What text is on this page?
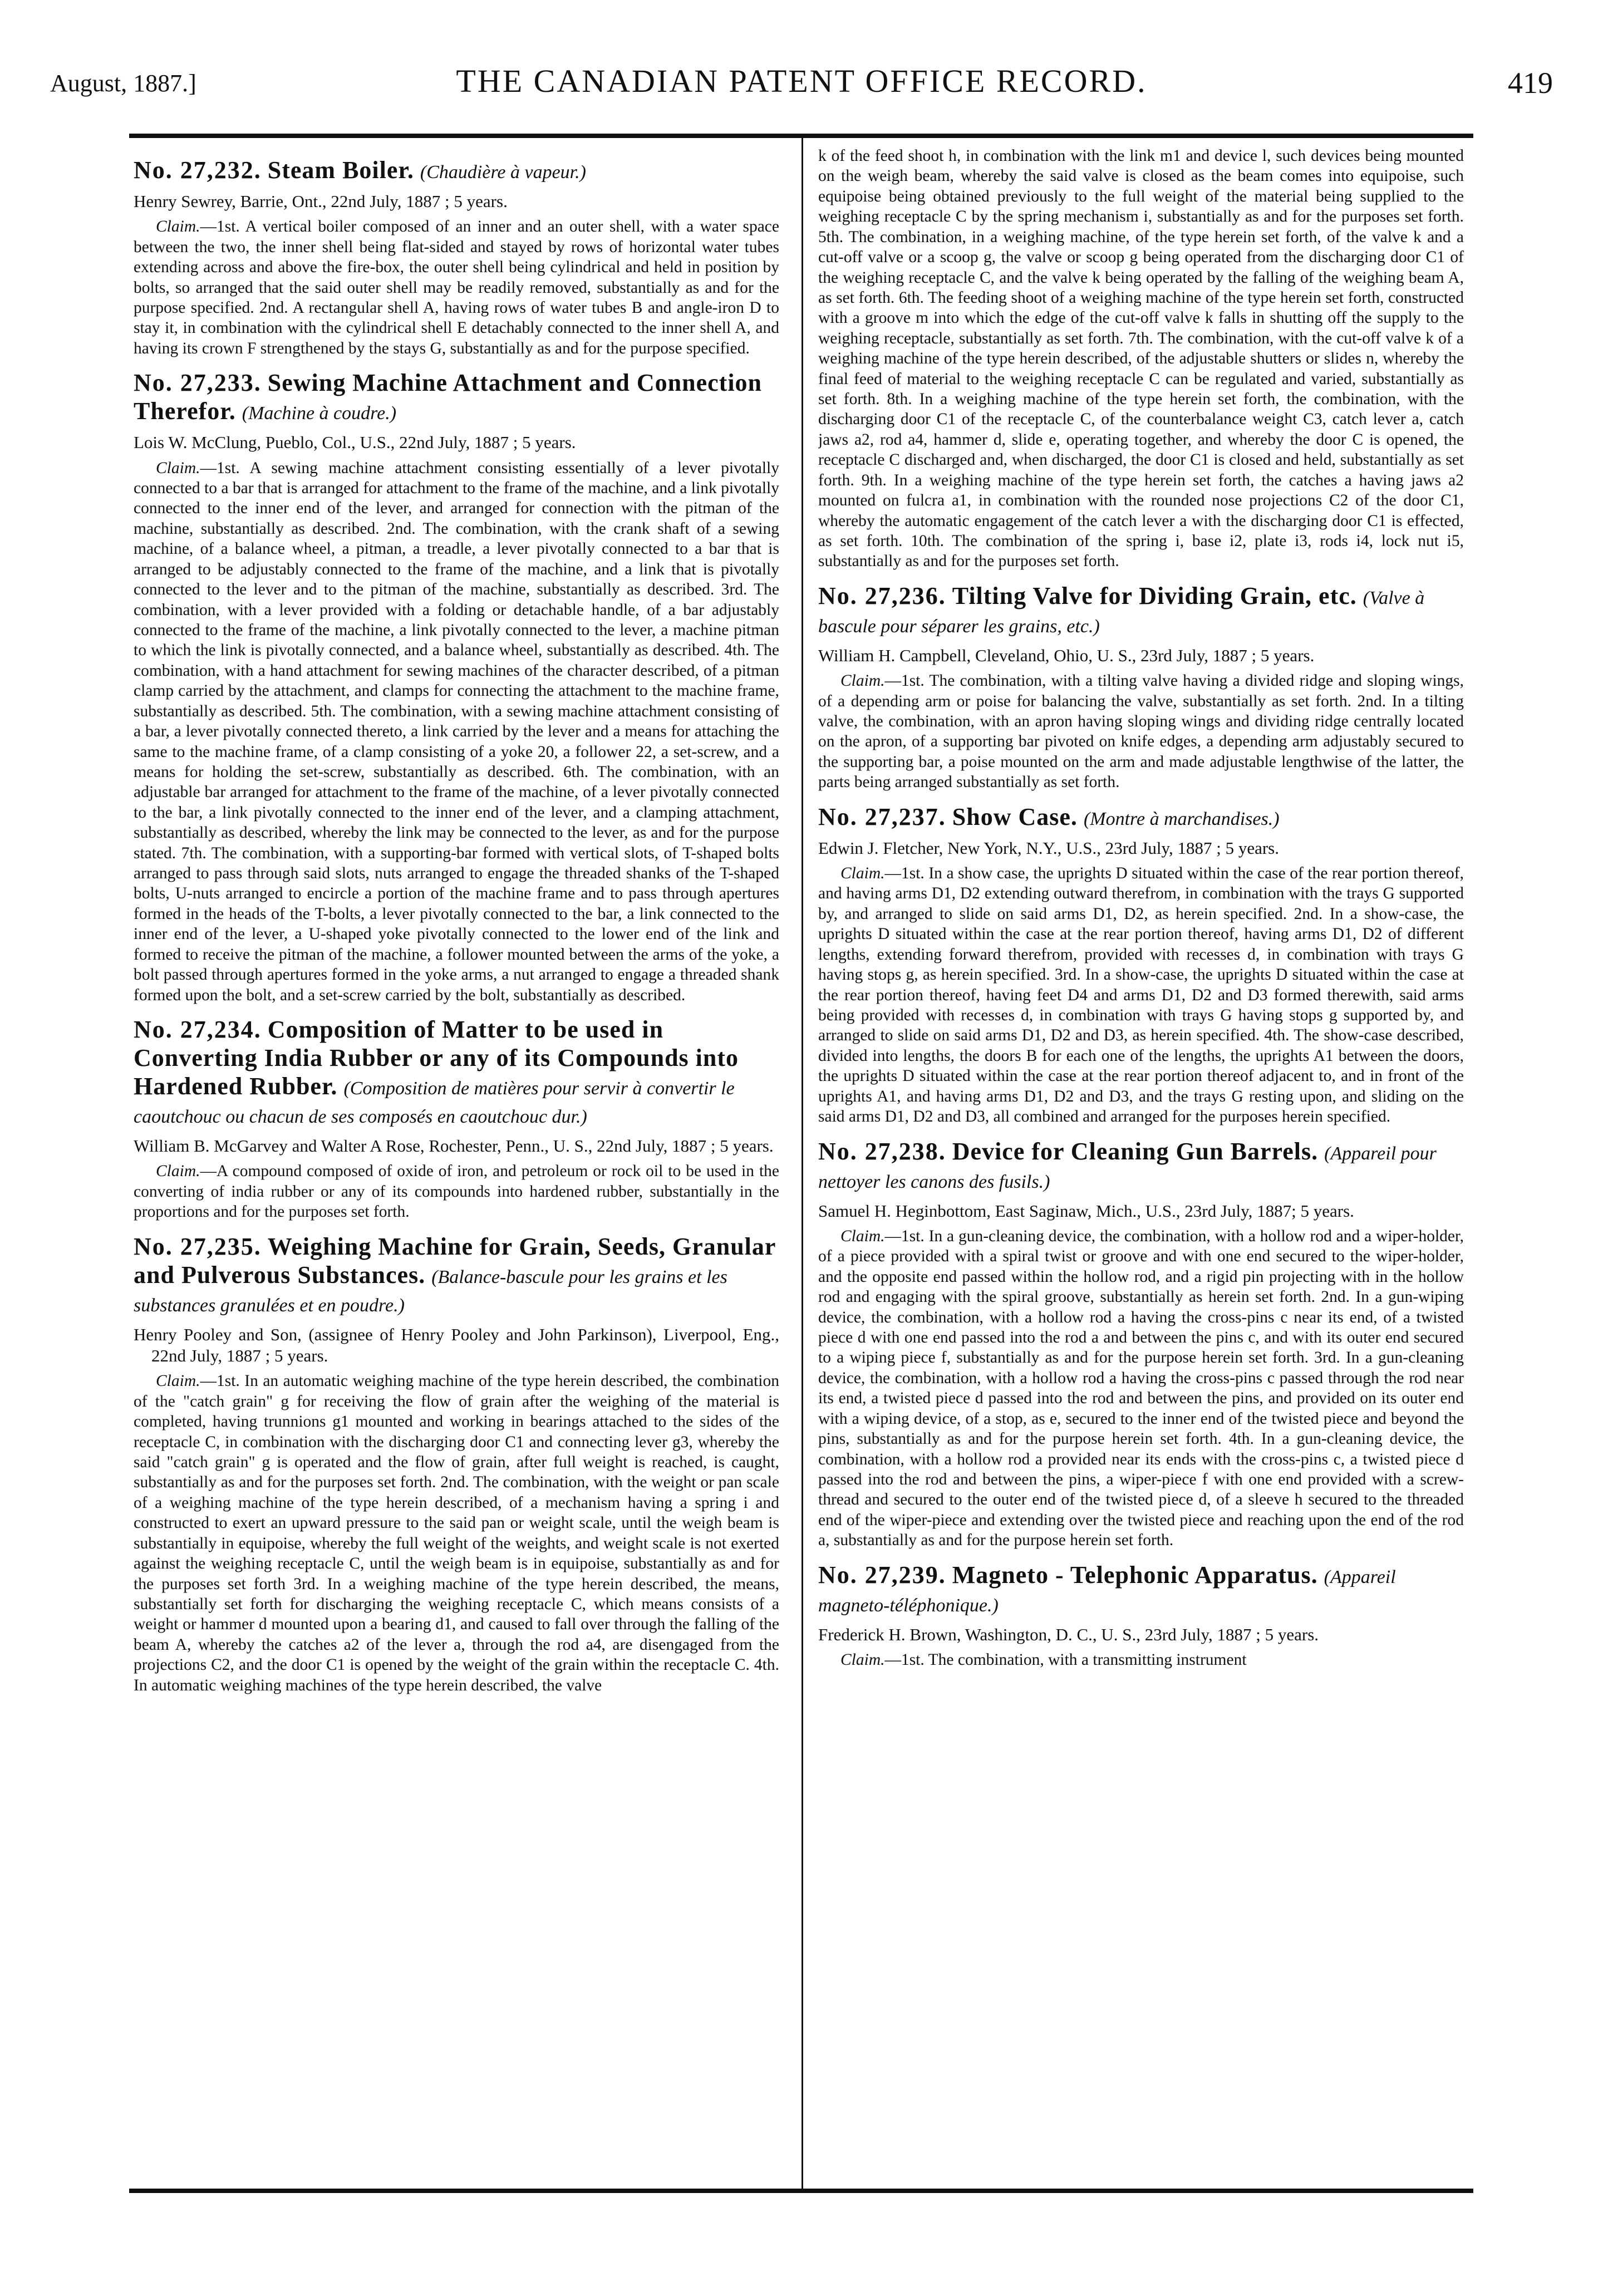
August, 1887.]	THE CANADIAN PATENT OFFICE RECORD.	419
No. 27,232. Steam Boiler. (Chaudière à vapeur.)
Henry Sewrey, Barrie, Ont., 22nd July, 1887 ; 5 years.

Claim.—1st. A vertical boiler composed of an inner and an outer shell, with a water space between the two, the inner shell being flat-sided and stayed by rows of horizontal water tubes extending across and above the fire-box, the outer shell being cylindrical and held in position by bolts, so arranged that the said outer shell may be readily removed, substantially as and for the purpose specified. 2nd. A rectangular shell A, having rows of water tubes B and angle-iron D to stay it, in combination with the cylindrical shell E detachably connected to the inner shell A, and having its crown F strengthened by the stays G, substantially as and for the purpose specified.

No. 27,233. Sewing Machine Attachment and Connection Therefor. (Machine à coudre.)
Lois W. McClung, Pueblo, Col., U.S., 22nd July, 1887 ; 5 years.

Claim.—1st. A sewing machine attachment consisting essentially of a lever pivotally connected to a bar that is arranged for attachment to the frame of the machine, and a link pivotally connected to the inner end of the lever, and arranged for connection with the pitman of the machine, substantially as described. 2nd. The combination, with the crank shaft of a sewing machine, of a balance wheel, a pitman, a treadle, a lever pivotally connected to a bar that is arranged to be adjustably connected to the frame of the machine, and a link that is pivotally connected to the lever and to the pitman of the machine, substantially as described. 3rd. The combination, with a lever provided with a folding or detachable handle, of a bar adjustably connected to the frame of the machine, a link pivotally connected to the lever, a machine pitman to which the link is pivotally connected, and a balance wheel, substantially as described. 4th. The combination, with a hand attachment for sewing machines of the character described, of a pitman clamp carried by the attachment, and clamps for connecting the attachment to the machine frame, substantially as described. 5th. The combination, with a sewing machine attachment consisting of a bar, a lever pivotally connected thereto, a link carried by the lever and a means for attaching the same to the machine frame, of a clamp consisting of a yoke 20, a follower 22, a set-screw, and a means for holding the set-screw, substantially as described. 6th. The combination, with an adjustable bar arranged for attachment to the frame of the machine, of a lever pivotally connected to the bar, a link pivotally connected to the inner end of the lever, and a clamping attachment, substantially as described, whereby the link may be connected to the lever, as and for the purpose stated. 7th. The combination, with a supporting-bar formed with vertical slots, of T-shaped bolts arranged to pass through said slots, nuts arranged to engage the threaded shanks of the T-shaped bolts, U-nuts arranged to encircle a portion of the machine frame and to pass through apertures formed in the heads of the T-bolts, a lever pivotally connected to the bar, a link connected to the inner end of the lever, a U-shaped yoke pivotally connected to the lower end of the link and formed to receive the pitman of the machine, a follower mounted between the arms of the yoke, a bolt passed through apertures formed in the yoke arms, a nut arranged to engage a threaded shank formed upon the bolt, and a set-screw carried by the bolt, substantially as described.

No. 27,234. Composition of Matter to be used in Converting India Rubber or any of its Compounds into Hardened Rubber. (Composition de matières pour servir à convertir le caoutchouc ou chacun de ses composés en caoutchouc dur.)
William B. McGarvey and Walter A Rose, Rochester, Penn., U. S., 22nd July, 1887 ; 5 years.

Claim.—A compound composed of oxide of iron, and petroleum or rock oil to be used in the converting of india rubber or any of its compounds into hardened rubber, substantially in the proportions and for the purposes set forth.

No. 27,235. Weighing Machine for Grain, Seeds, Granular and Pulverous Substances. (Balance-bascule pour les grains et les substances granulées et en poudre.)
Henry Pooley and Son, (assignee of Henry Pooley and John Parkinson), Liverpool, Eng., 22nd July, 1887 ; 5 years.

Claim.—1st. In an automatic weighing machine of the type herein described, the combination of the "catch grain" g for receiving the flow of grain after the weighing of the material is completed, having trunnions g1 mounted and working in bearings attached to the sides of the receptacle C, in combination with the discharging door C1 and connecting lever g3, whereby the said "catch grain" g is operated and the flow of grain, after full weight is reached, is caught, substantially as and for the purposes set forth. 2nd. The combination, with the weight or pan scale of a weighing machine of the type herein described, of a mechanism having a spring i and constructed to exert an upward pressure to the said pan or weight scale, until the weigh beam is substantially in equipoise, whereby the full weight of the weights, and weight scale is not exerted against the weighing receptacle C, until the weigh beam is in equipoise, substantially as and for the purposes set forth 3rd. In a weighing machine of the type herein described, the means, substantially set forth for discharging the weighing receptacle C, which means consists of a weight or hammer d mounted upon a bearing d1, and caused to fall over through the falling of the beam A, whereby the catches a2 of the lever a, through the rod a4, are disengaged from the projections C2, and the door C1 is opened by the weight of the grain within the receptacle C. 4th. In automatic weighing machines of the type herein described, the valve

k of the feed shoot h, in combination with the link m1 and device l, such devices being mounted on the weigh beam, whereby the said valve is closed as the beam comes into equipoise, such equipoise being obtained previously to the full weight of the material being supplied to the weighing receptacle C by the spring mechanism i, substantially as and for the purposes set forth. 5th. The combination, in a weighing machine, of the type herein set forth, of the valve k and a cut-off valve or a scoop g, the valve or scoop g being operated from the discharging door C1 of the weighing receptacle C, and the valve k being operated by the falling of the weighing beam A, as set forth. 6th. The feeding shoot of a weighing machine of the type herein set forth, constructed with a groove m into which the edge of the cut-off valve k falls in shutting off the supply to the weighing receptacle, substantially as set forth. 7th. The combination, with the cut-off valve k of a weighing machine of the type herein described, of the adjustable shutters or slides n, whereby the final feed of material to the weighing receptacle C can be regulated and varied, substantially as set forth. 8th. In a weighing machine of the type herein set forth, the combination, with the discharging door C1 of the receptacle C, of the counterbalance weight C3, catch lever a, catch jaws a2, rod a4, hammer d, slide e, operating together, and whereby the door C is opened, the receptacle C discharged and, when discharged, the door C1 is closed and held, substantially as set forth. 9th. In a weighing machine of the type herein set forth, the catches a having jaws a2 mounted on fulcra a1, in combination with the rounded nose projections C2 of the door C1, whereby the automatic engagement of the catch lever a with the discharging door C1 is effected, as set forth. 10th. The combination of the spring i, base i2, plate i3, rods i4, lock nut i5, substantially as and for the purposes set forth.

No. 27,236. Tilting Valve for Dividing Grain, etc. (Valve à bascule pour séparer les grains, etc.)
William H. Campbell, Cleveland, Ohio, U. S., 23rd July, 1887 ; 5 years.

Claim.—1st. The combination, with a tilting valve having a divided ridge and sloping wings, of a depending arm or poise for balancing the valve, substantially as set forth. 2nd. In a tilting valve, the combination, with an apron having sloping wings and dividing ridge centrally located on the apron, of a supporting bar pivoted on knife edges, a depending arm adjustably secured to the supporting bar, a poise mounted on the arm and made adjustable lengthwise of the latter, the parts being arranged substantially as set forth.

No. 27,237. Show Case. (Montre à marchandises.)
Edwin J. Fletcher, New York, N.Y., U.S., 23rd July, 1887 ; 5 years.

Claim.—1st. In a show case, the uprights D situated within the case of the rear portion thereof, and having arms D1, D2 extending outward therefrom, in combination with the trays G supported by, and arranged to slide on said arms D1, D2, as herein specified. 2nd. In a show-case, the uprights D situated within the case at the rear portion thereof, having arms D1, D2 of different lengths, extending forward therefrom, provided with recesses d, in combination with trays G having stops g, as herein specified. 3rd. In a show-case, the uprights D situated within the case at the rear portion thereof, having feet D4 and arms D1, D2 and D3 formed therewith, said arms being provided with recesses d, in combination with trays G having stops g supported by, and arranged to slide on said arms D1, D2 and D3, as herein specified. 4th. The show-case described, divided into lengths, the doors B for each one of the lengths, the uprights A1 between the doors, the uprights D situated within the case at the rear portion thereof adjacent to, and in front of the uprights A1, and having arms D1, D2 and D3, and the trays G resting upon, and sliding on the said arms D1, D2 and D3, all combined and arranged for the purposes herein specified.

No. 27,238. Device for Cleaning Gun Barrels. (Appareil pour nettoyer les canons des fusils.)
Samuel H. Heginbottom, East Saginaw, Mich., U.S., 23rd July, 1887; 5 years.

Claim.—1st. In a gun-cleaning device, the combination, with a hollow rod and a wiper-holder, of a piece provided with a spiral twist or groove and with one end secured to the wiper-holder, and the opposite end passed within the hollow rod, and a rigid pin projecting with in the hollow rod and engaging with the spiral groove, substantially as herein set forth. 2nd. In a gun-wiping device, the combination, with a hollow rod a having the cross-pins c near its end, of a twisted piece d with one end passed into the rod a and between the pins c, and with its outer end secured to a wiping piece f, substantially as and for the purpose herein set forth. 3rd. In a gun-cleaning device, the combination, with a hollow rod a having the cross-pins c passed through the rod near its end, a twisted piece d passed into the rod and between the pins, and provided on its outer end with a wiping device, of a stop, as e, secured to the inner end of the twisted piece and beyond the pins, substantially as and for the purpose herein set forth. 4th. In a gun-cleaning device, the combination, with a hollow rod a provided near its ends with the cross-pins c, a twisted piece d passed into the rod and between the pins, a wiper-piece f with one end provided with a screw-thread and secured to the outer end of the twisted piece d, of a sleeve h secured to the threaded end of the wiper-piece and extending over the twisted piece and reaching upon the end of the rod a, substantially as and for the purpose herein set forth.

No. 27,239. Magneto - Telephonic Apparatus. (Appareil magneto-téléphonique.)
Frederick H. Brown, Washington, D. C., U. S., 23rd July, 1887 ; 5 years.

Claim.—1st. The combination, with a transmitting instrument
